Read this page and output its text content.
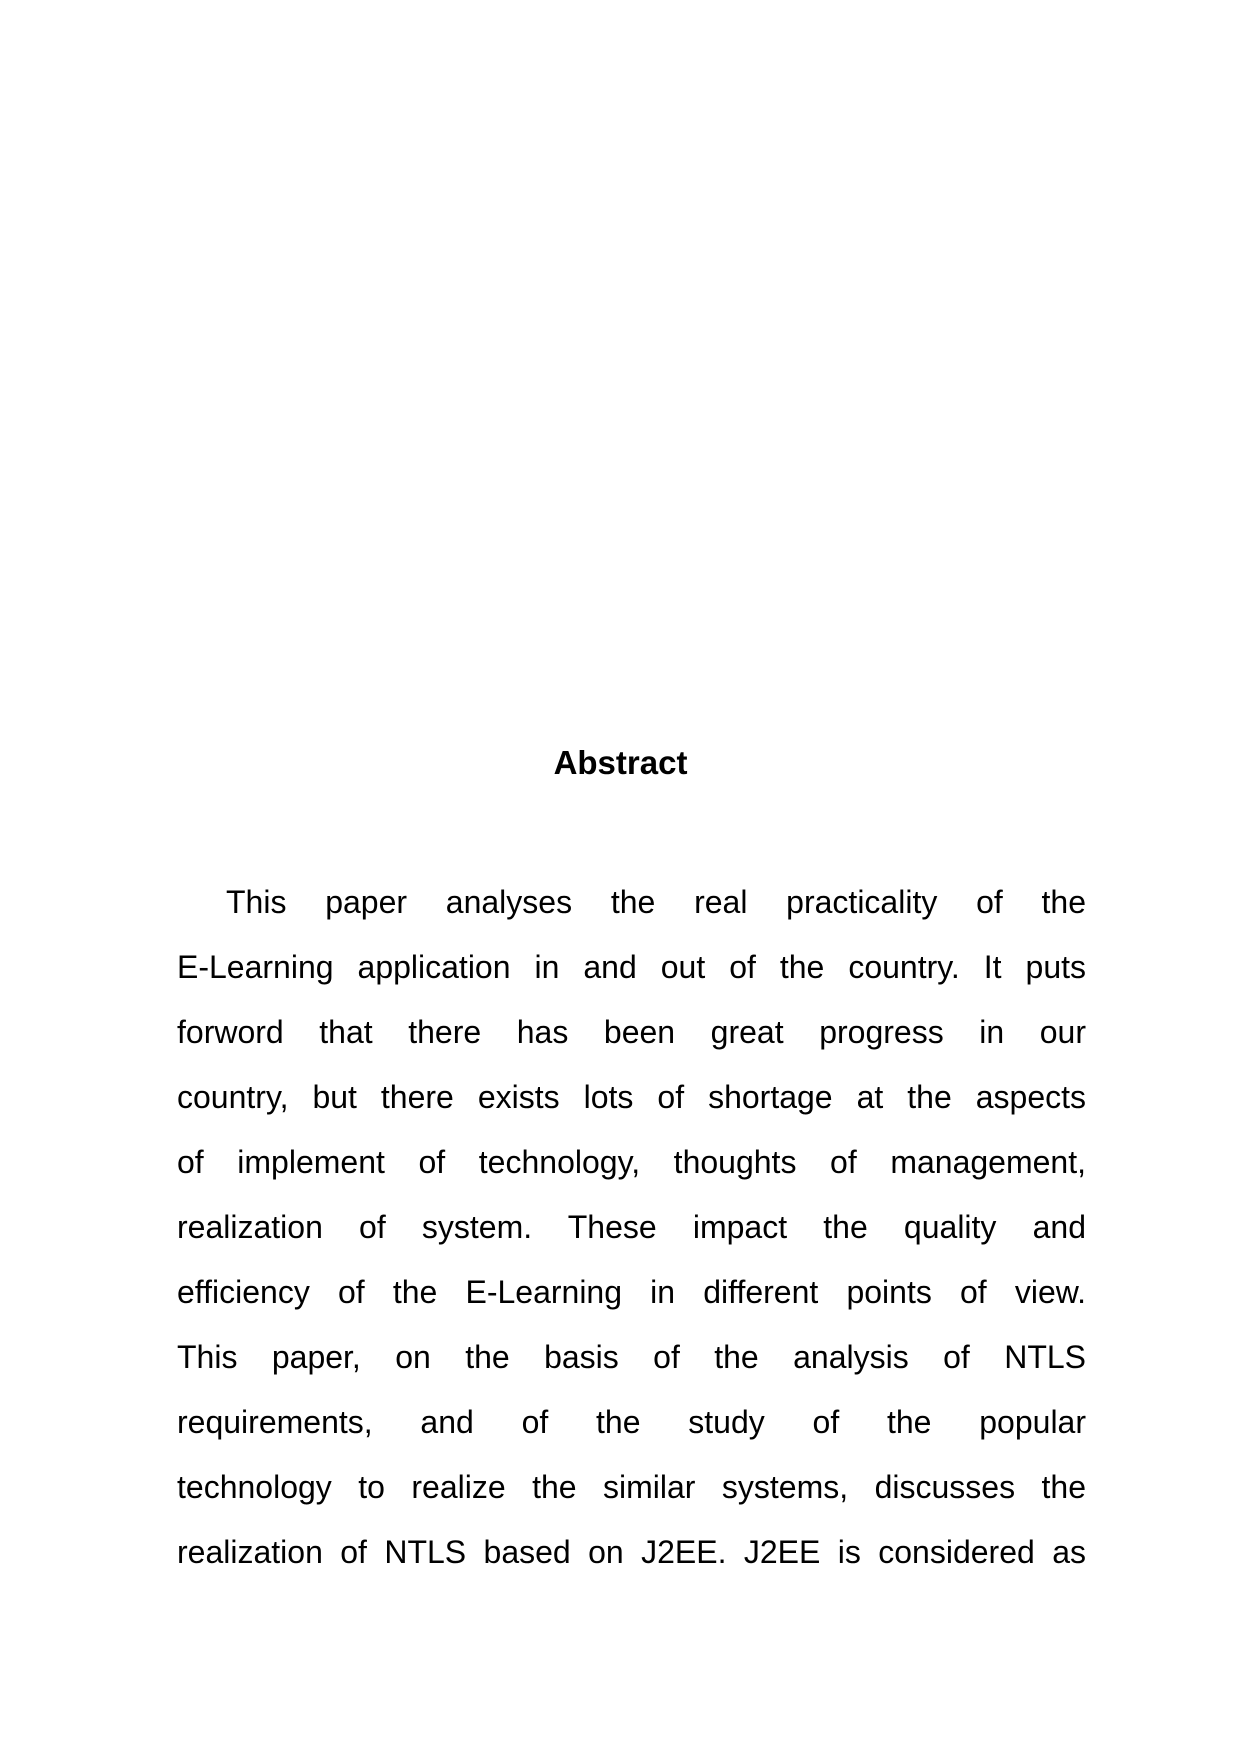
Abstract
This paper analyses the real practicality of the
E-Learning application in and out of the country. It puts
forword that there has been great progress in our
country, but there exists lots of shortage at the aspects
of implement of technology, thoughts of management,
realization of system. These impact the quality and
efficiency of the E-Learning in different points of view.
This paper, on the basis of the analysis of NTLS
requirements, and of the study of the popular
technology to realize the similar systems, discusses the
realization of NTLS based on J2EE. J2EE is considered as
